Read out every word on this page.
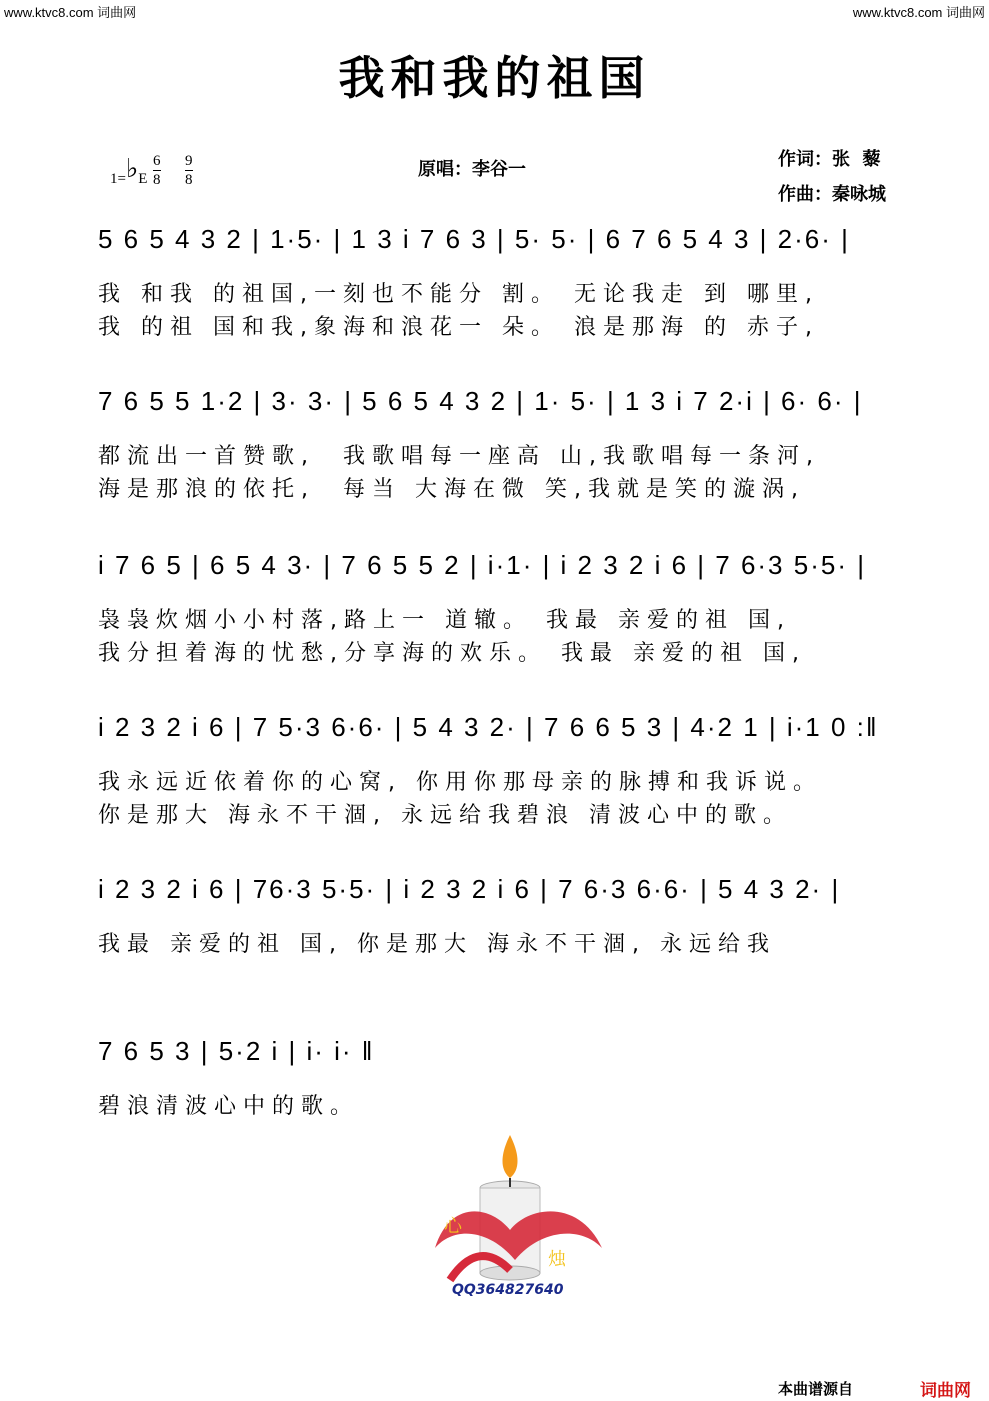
www.ktvc8.com 词曲网	www.ktvc8.com 词曲网
我和我的祖国
1=♭E
6
8
9
8	原唱：李谷一	作词：张  藜
作曲：秦咏城
5 6 5 4 3 2 | 1·5· | 1 3 i 7 6 3 | 5· 5· | 6 7 6 5 4 3 | 2·6· |
我 和我 的祖国,一刻也不能分 割。 无论我走 到 哪里,
我 的祖 国和我,象海和浪花一 朵。 浪是那海 的 赤子,
7 6 5 5 1·2 | 3· 3· | 5 6 5 4 3 2 | 1· 5· | 1 3 i 7 2·i | 6· 6· |
都流出一首赞歌,  我歌唱每一座高 山,我歌唱每一条河,
海是那浪的依托,  每当 大海在微 笑,我就是笑的漩涡,
i 7 6 5 | 6 5 4 3· | 7 6 5 5 2 | i·1· | i 2 3 2 i 6 | 7 6·3 5·5· |
袅袅炊烟小小村落,路上一 道辙。 我最 亲爱的祖 国,
我分担着海的忧愁,分享海的欢乐。 我最 亲爱的祖 国,
i 2 3 2 i 6 | 7 5·3 6·6· | 5 4 3 2· | 7 6 6 5 3 | 4·2 1 | i·1 0 :‖
我永远近依着你的心窝, 你用你那母亲的脉搏和我诉说。
你是那大 海永不干涸, 永远给我碧浪 清波心中的歌。
i 2 3 2 i 6 | 76·3 5·5· | i 2 3 2 i 6 | 7 6·3 6·6· | 5 4 3 2· |
我最 亲爱的祖 国, 你是那大 海永不干涸, 永远给我
7 6 5 3 | 5·2 i | i· i· ‖
碧浪清波心中的歌。
心
烛
QQ364827640
本曲谱源自	词曲网
